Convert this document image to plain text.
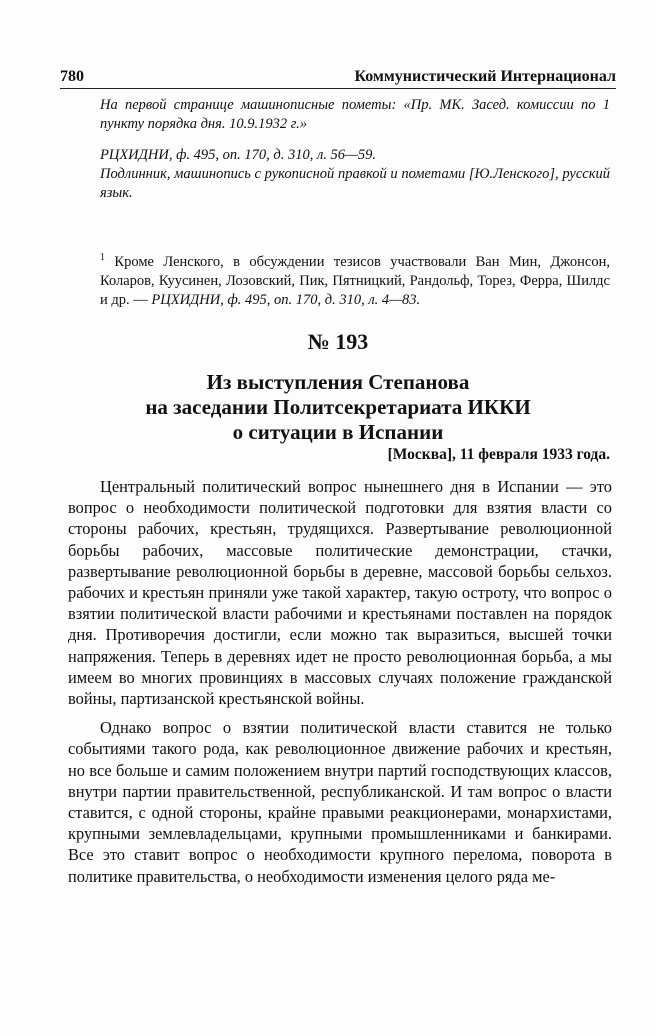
780	Коммунистический Интернационал

На первой странице машинописные пометы: «Пр. МК. Засед. комиссии по 1 пункту порядка дня. 10.9.1932 г.»

РЦХИДНИ, ф. 495, оп. 170, д. 310, л. 56—59.

Подлинник, машинопись с рукописной правкой и пометами [Ю.Ленского], русский язык.

$^1$ Кроме Ленского, в обсуждении тезисов участвовали Ван Мин, Джонсон, Коларов, Куусинен, Лозовский, Пик, Пятницкий, Рандольф, Торез, Ферра, Шилдс и др. — РЦХИДНИ, ф. 495, оп. 170, д. 310, л. 4—83.
№ 193
Из выступления Степанова
на заседании Политсекретариата ИККИ
о ситуации в Испании
[Москва], 11 февраля 1933 года.

Центральный политический вопрос нынешнего дня в Испании — это вопрос о необходимости политической подготовки для взятия власти со стороны рабочих, крестьян, трудящихся. Развертывание революционной борьбы рабочих, массовые политические демонстрации, стачки, развертывание революционной борьбы в деревне, массовой борьбы сельхоз. рабочих и крестьян приняли уже такой характер, такую остроту, что вопрос о взятии политической власти рабочими и крестьянами поставлен на порядок дня. Противоречия достигли, если можно так выразиться, высшей точки напряжения. Теперь в деревнях идет не просто революционная борьба, а мы имеем во многих провинциях в массовых случаях положение гражданской войны, партизанской крестьянской войны.

Однако вопрос о взятии политической власти ставится не только событиями такого рода, как революционное движение рабочих и крестьян, но все больше и самим положением внутри партий господствующих классов, внутри партии правительственной, республиканской. И там вопрос о власти ставится, с одной стороны, крайне правыми реакционерами, монархистами, крупными землевладельцами, крупными промышленниками и банкирами. Все это ставит вопрос о необходимости крупного перелома, поворота в политике правительства, о необходимости изменения целого ряда ме-
